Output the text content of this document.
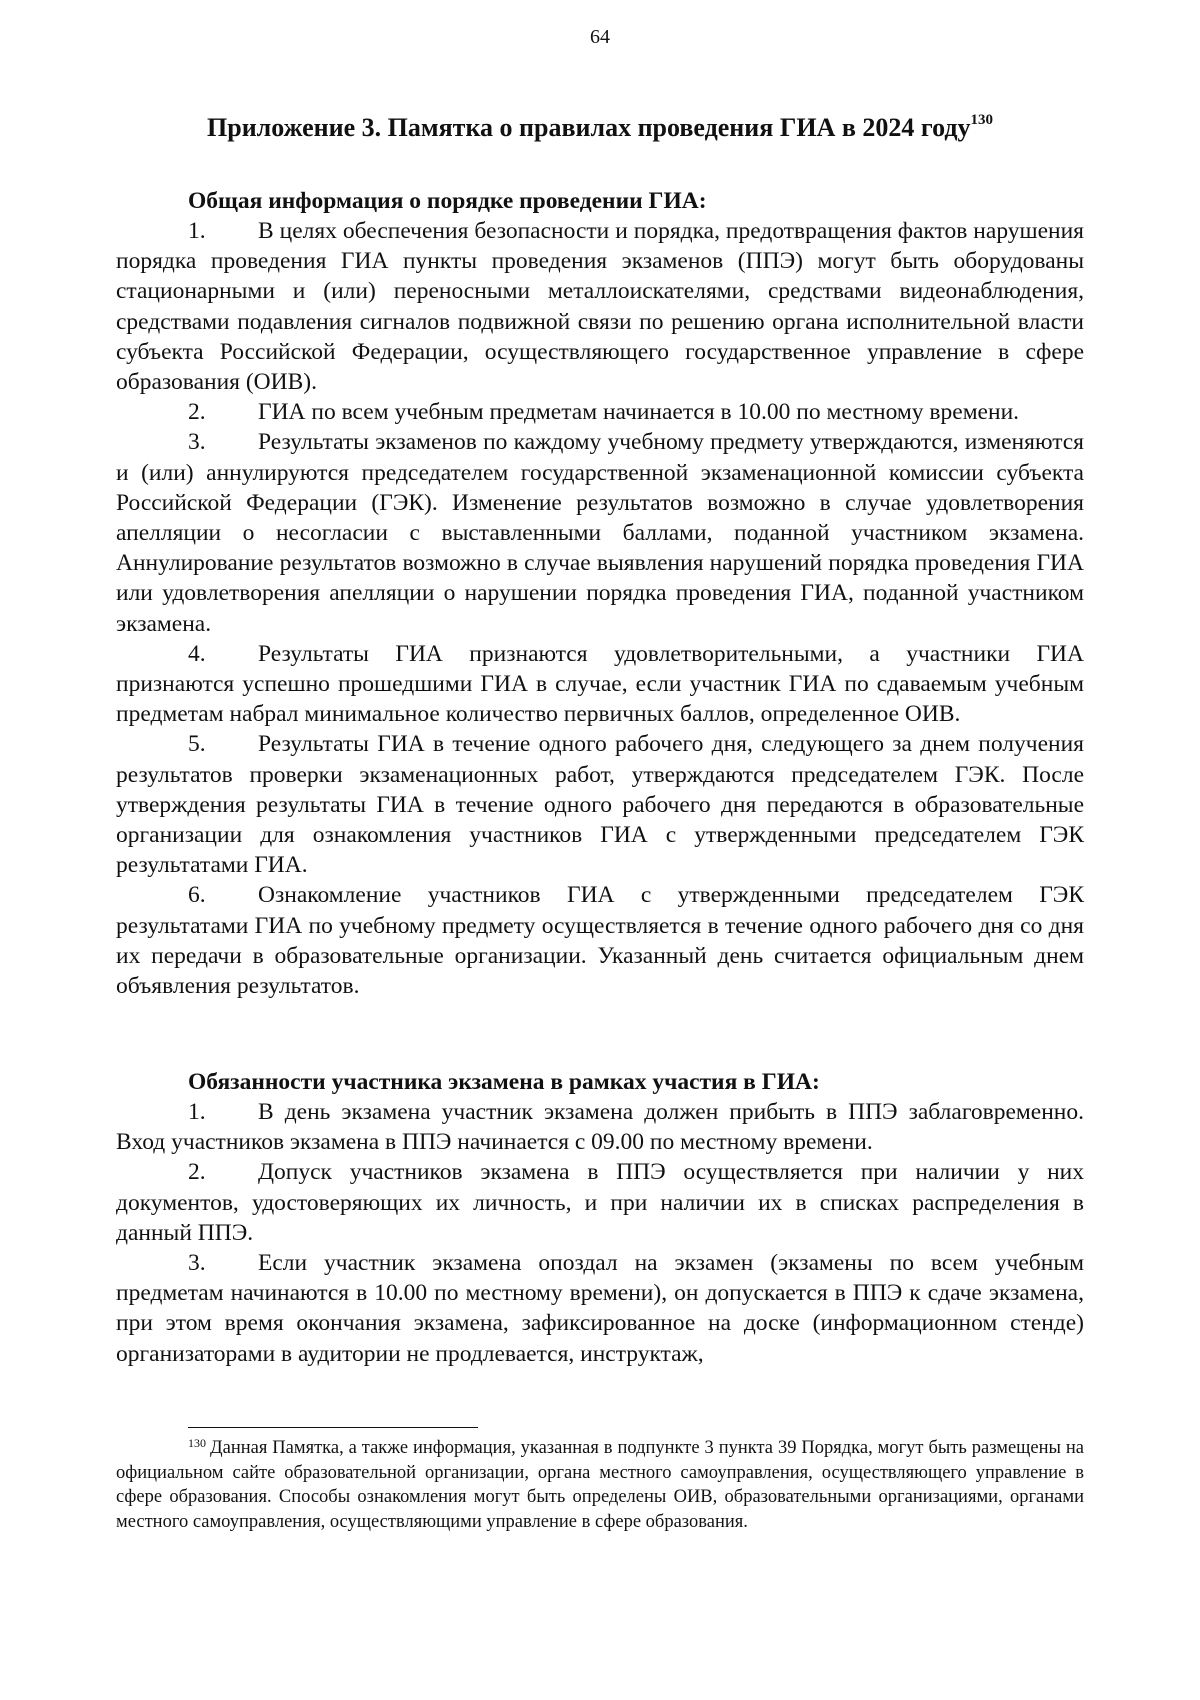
64
Приложение 3. Памятка о правилах проведения ГИА в 2024 году$^{130}$

Общая информация о порядке проведении ГИА:

1. В целях обеспечения безопасности и порядка, предотвращения фактов нарушения порядка проведения ГИА пункты проведения экзаменов (ППЭ) могут быть оборудованы стационарными и (или) переносными металлоискателями, средствами видеонаблюдения, средствами подавления сигналов подвижной связи по решению органа исполнительной власти субъекта Российской Федерации, осуществляющего государственное управление в сфере образования (ОИВ).

2. ГИА по всем учебным предметам начинается в 10.00 по местному времени.

3. Результаты экзаменов по каждому учебному предмету утверждаются, изменяются и (или) аннулируются председателем государственной экзаменационной комиссии субъекта Российской Федерации (ГЭК). Изменение результатов возможно в случае удовлетворения апелляции о несогласии с выставленными баллами, поданной участником экзамена. Аннулирование результатов возможно в случае выявления нарушений порядка проведения ГИА или удовлетворения апелляции о нарушении порядка проведения ГИА, поданной участником экзамена.

4. Результаты ГИА признаются удовлетворительными, а участники ГИА признаются успешно прошедшими ГИА в случае, если участник ГИА по сдаваемым учебным предметам набрал минимальное количество первичных баллов, определенное ОИВ.

5. Результаты ГИА в течение одного рабочего дня, следующего за днем получения результатов проверки экзаменационных работ, утверждаются председателем ГЭК. После утверждения результаты ГИА в течение одного рабочего дня передаются в образовательные организации для ознакомления участников ГИА с утвержденными председателем ГЭК результатами ГИА.

6. Ознакомление участников ГИА с утвержденными председателем ГЭК результатами ГИА по учебному предмету осуществляется в течение одного рабочего дня со дня их передачи в образовательные организации. Указанный день считается официальным днем объявления результатов.

Обязанности участника экзамена в рамках участия в ГИА:

1. В день экзамена участник экзамена должен прибыть в ППЭ заблаговременно. Вход участников экзамена в ППЭ начинается с 09.00 по местному времени.

2. Допуск участников экзамена в ППЭ осуществляется при наличии у них документов, удостоверяющих их личность, и при наличии их в списках распределения в данный ППЭ.

3. Если участник экзамена опоздал на экзамен (экзамены по всем учебным предметам начинаются в 10.00 по местному времени), он допускается в ППЭ к сдаче экзамена, при этом время окончания экзамена, зафиксированное на доске (информационном стенде) организаторами в аудитории не продлевается, инструктаж,

$^{130}$ Данная Памятка, а также информация, указанная в подпункте 3 пункта 39 Порядка, могут быть размещены на официальном сайте образовательной организации, органа местного самоуправления, осуществляющего управление в сфере образования. Способы ознакомления могут быть определены ОИВ, образовательными организациями, органами местного самоуправления, осуществляющими управление в сфере образования.
